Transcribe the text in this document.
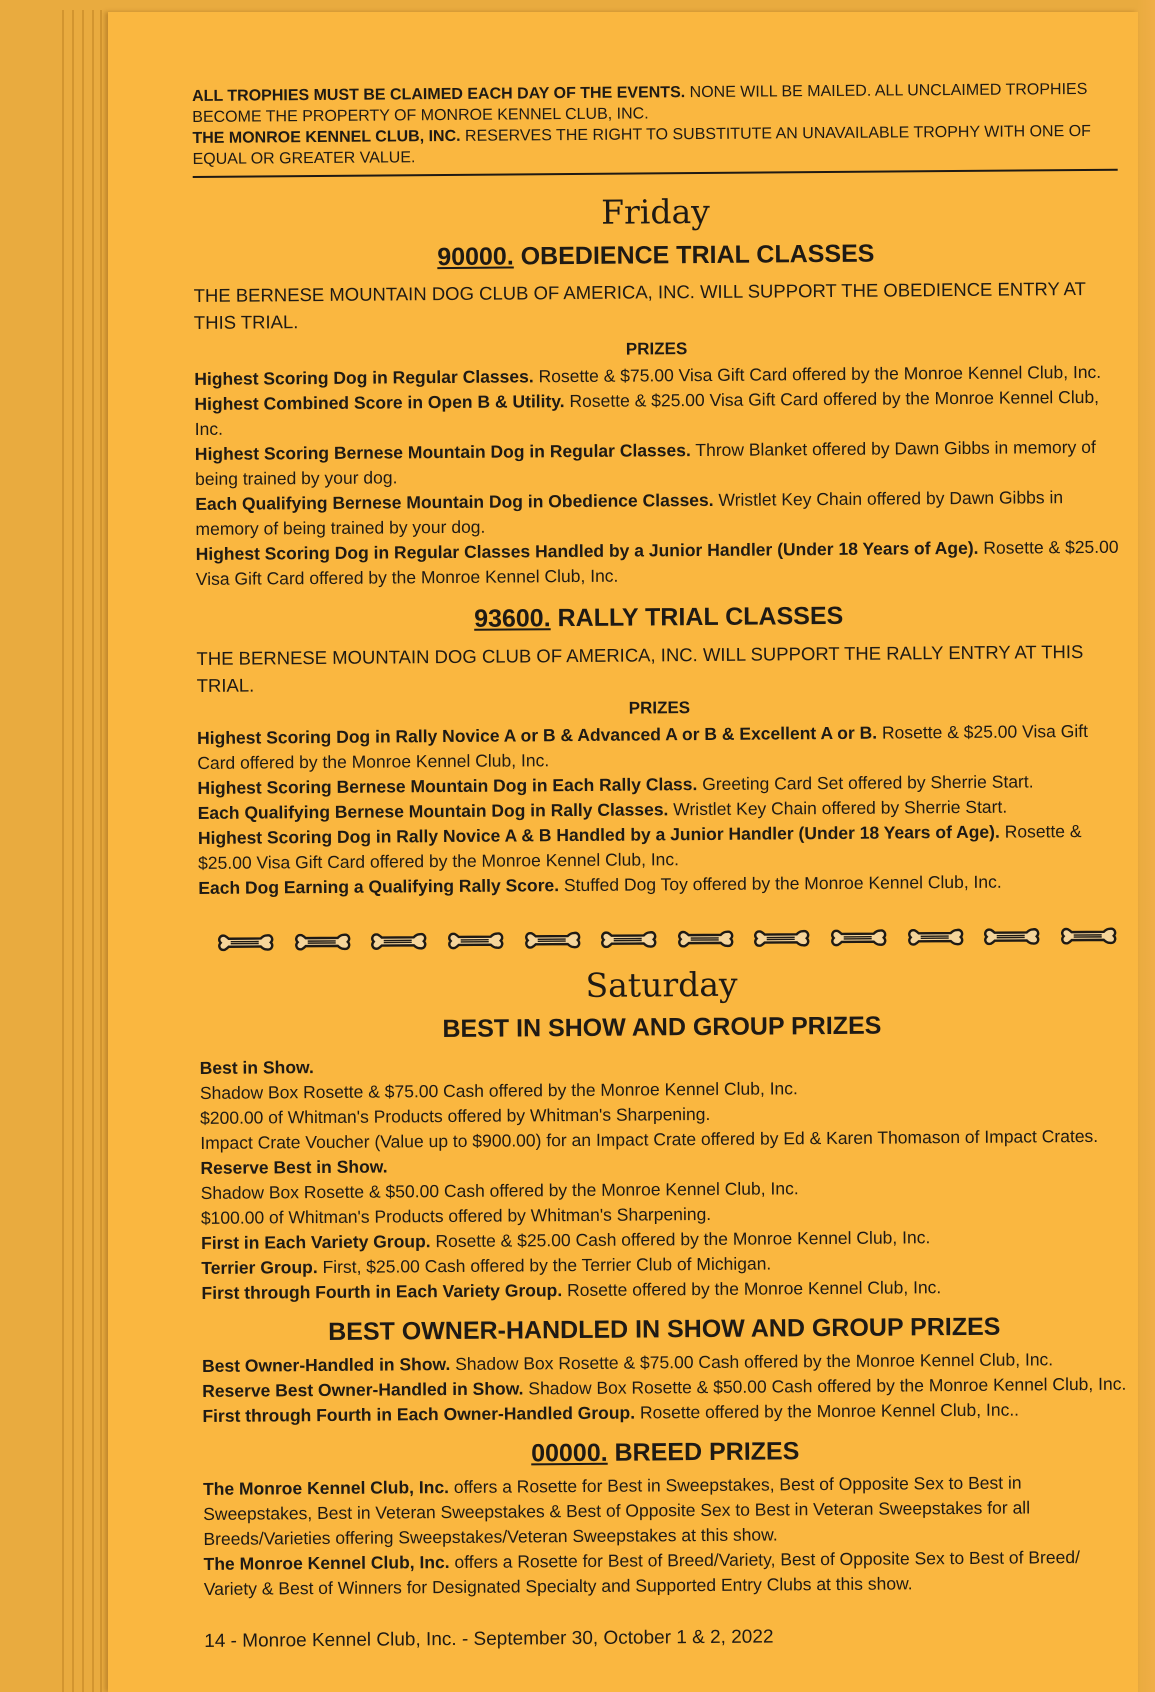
ALL TROPHIES MUST BE CLAIMED EACH DAY OF THE EVENTS. NONE WILL BE MAILED. ALL UNCLAIMED TROPHIES BECOME THE PROPERTY OF MONROE KENNEL CLUB, INC.
THE MONROE KENNEL CLUB, INC. RESERVES THE RIGHT TO SUBSTITUTE AN UNAVAILABLE TROPHY WITH ONE OF EQUAL OR GREATER VALUE.
Friday
90000. OBEDIENCE TRIAL CLASSES
THE BERNESE MOUNTAIN DOG CLUB OF AMERICA, INC. WILL SUPPORT THE OBEDIENCE ENTRY AT THIS TRIAL.
PRIZES

Highest Scoring Dog in Regular Classes. Rosette & $75.00 Visa Gift Card offered by the Monroe Kennel Club, Inc.

Highest Combined Score in Open B & Utility. Rosette & $25.00 Visa Gift Card offered by the Monroe Kennel Club, Inc.

Highest Scoring Bernese Mountain Dog in Regular Classes. Throw Blanket offered by Dawn Gibbs in memory of being trained by your dog.

Each Qualifying Bernese Mountain Dog in Obedience Classes. Wristlet Key Chain offered by Dawn Gibbs in memory of being trained by your dog.

Highest Scoring Dog in Regular Classes Handled by a Junior Handler (Under 18 Years of Age). Rosette & $25.00 Visa Gift Card offered by the Monroe Kennel Club, Inc.

93600. RALLY TRIAL CLASSES
THE BERNESE MOUNTAIN DOG CLUB OF AMERICA, INC. WILL SUPPORT THE RALLY ENTRY AT THIS TRIAL.
PRIZES

Highest Scoring Dog in Rally Novice A or B & Advanced A or B & Excellent A or B. Rosette & $25.00 Visa Gift Card offered by the Monroe Kennel Club, Inc.

Highest Scoring Bernese Mountain Dog in Each Rally Class. Greeting Card Set offered by Sherrie Start.

Each Qualifying Bernese Mountain Dog in Rally Classes. Wristlet Key Chain offered by Sherrie Start.

Highest Scoring Dog in Rally Novice A & B Handled by a Junior Handler (Under 18 Years of Age). Rosette & $25.00 Visa Gift Card offered by the Monroe Kennel Club, Inc.

Each Dog Earning a Qualifying Rally Score. Stuffed Dog Toy offered by the Monroe Kennel Club, Inc.

Saturday
BEST IN SHOW AND GROUP PRIZES

Best in Show.

Shadow Box Rosette & $75.00 Cash offered by the Monroe Kennel Club, Inc.

$200.00 of Whitman's Products offered by Whitman's Sharpening.

Impact Crate Voucher (Value up to $900.00) for an Impact Crate offered by Ed & Karen Thomason of Impact Crates.

Reserve Best in Show.

Shadow Box Rosette & $50.00 Cash offered by the Monroe Kennel Club, Inc.

$100.00 of Whitman's Products offered by Whitman's Sharpening.

First in Each Variety Group. Rosette & $25.00 Cash offered by the Monroe Kennel Club, Inc.

Terrier Group. First, $25.00 Cash offered by the Terrier Club of Michigan.

First through Fourth in Each Variety Group. Rosette offered by the Monroe Kennel Club, Inc.

BEST OWNER-HANDLED IN SHOW AND GROUP PRIZES

Best Owner-Handled in Show. Shadow Box Rosette & $75.00 Cash offered by the Monroe Kennel Club, Inc.

Reserve Best Owner-Handled in Show. Shadow Box Rosette & $50.00 Cash offered by the Monroe Kennel Club, Inc.

First through Fourth in Each Owner-Handled Group. Rosette offered by the Monroe Kennel Club, Inc..

00000. BREED PRIZES

The Monroe Kennel Club, Inc. offers a Rosette for Best in Sweepstakes, Best of Opposite Sex to Best in Sweepstakes, Best in Veteran Sweepstakes & Best of Opposite Sex to Best in Veteran Sweepstakes for all Breeds/Varieties offering Sweepstakes/Veteran Sweepstakes at this show.

The Monroe Kennel Club, Inc. offers a Rosette for Best of Breed/Variety, Best of Opposite Sex to Best of Breed/ Variety & Best of Winners for Designated Specialty and Supported Entry Clubs at this show.

14 - Monroe Kennel Club, Inc. - September 30, October 1 & 2, 2022
